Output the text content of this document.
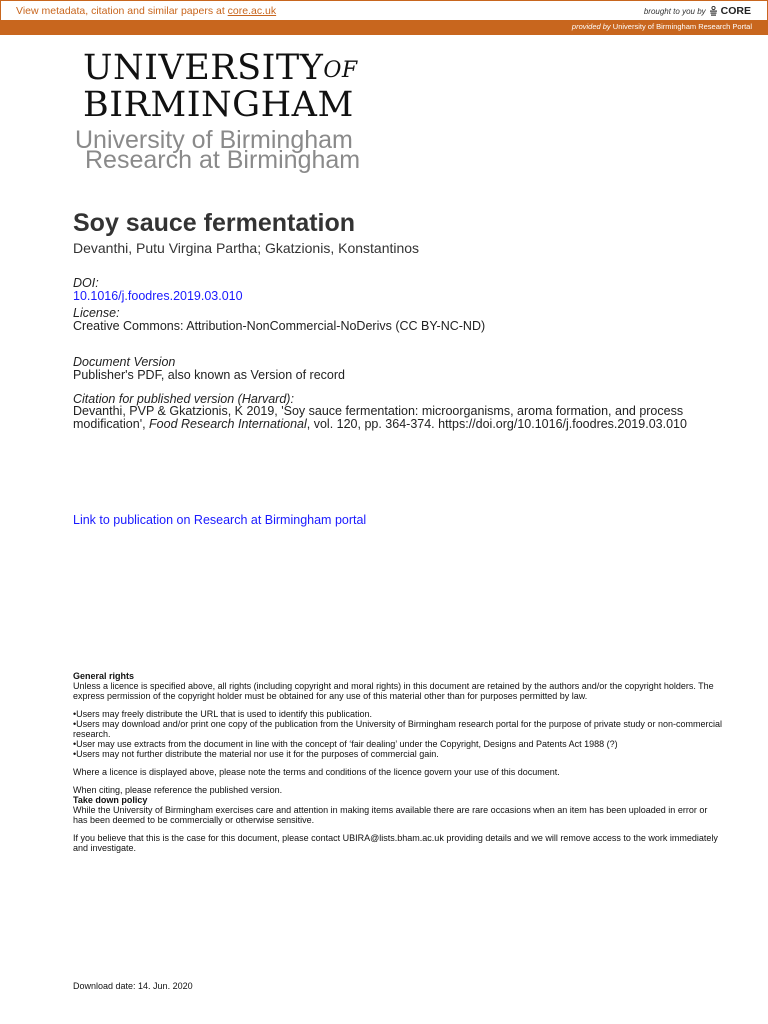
View metadata, citation and similar papers at core.ac.uk	brought to you by CORE
provided by University of Birmingham Research Portal
$UNIVERSITY^{OF}$
BIRMINGHAM
University of Birmingham
Research at Birmingham
Soy sauce fermentation
Devanthi, Putu Virgina Partha; Gkatzionis, Konstantinos
DOI:
10.1016/j.foodres.2019.03.010
License:
Creative Commons: Attribution-NonCommercial-NoDerivs (CC BY-NC-ND)
Document Version
Publisher's PDF, also known as Version of record
Citation for published version (Harvard):
Devanthi, PVP & Gkatzionis, K 2019, 'Soy sauce fermentation: microorganisms, aroma formation, and process modification', Food Research International, vol. 120, pp. 364-374. https://doi.org/10.1016/j.foodres.2019.03.010
Link to publication on Research at Birmingham portal

General rights

Unless a licence is specified above, all rights (including copyright and moral rights) in this document are retained by the authors and/or the copyright holders. The express permission of the copyright holder must be obtained for any use of this material other than for purposes permitted by law.

•Users may freely distribute the URL that is used to identify this publication.

•Users may download and/or print one copy of the publication from the University of Birmingham research portal for the purpose of private study or non-commercial research.

•User may use extracts from the document in line with the concept of ‘fair dealing’ under the Copyright, Designs and Patents Act 1988 (?)

•Users may not further distribute the material nor use it for the purposes of commercial gain.

Where a licence is displayed above, please note the terms and conditions of the licence govern your use of this document.

When citing, please reference the published version.

Take down policy

While the University of Birmingham exercises care and attention in making items available there are rare occasions when an item has been uploaded in error or has been deemed to be commercially or otherwise sensitive.

If you believe that this is the case for this document, please contact UBIRA@lists.bham.ac.uk providing details and we will remove access to the work immediately and investigate.

Download date: 14. Jun. 2020
